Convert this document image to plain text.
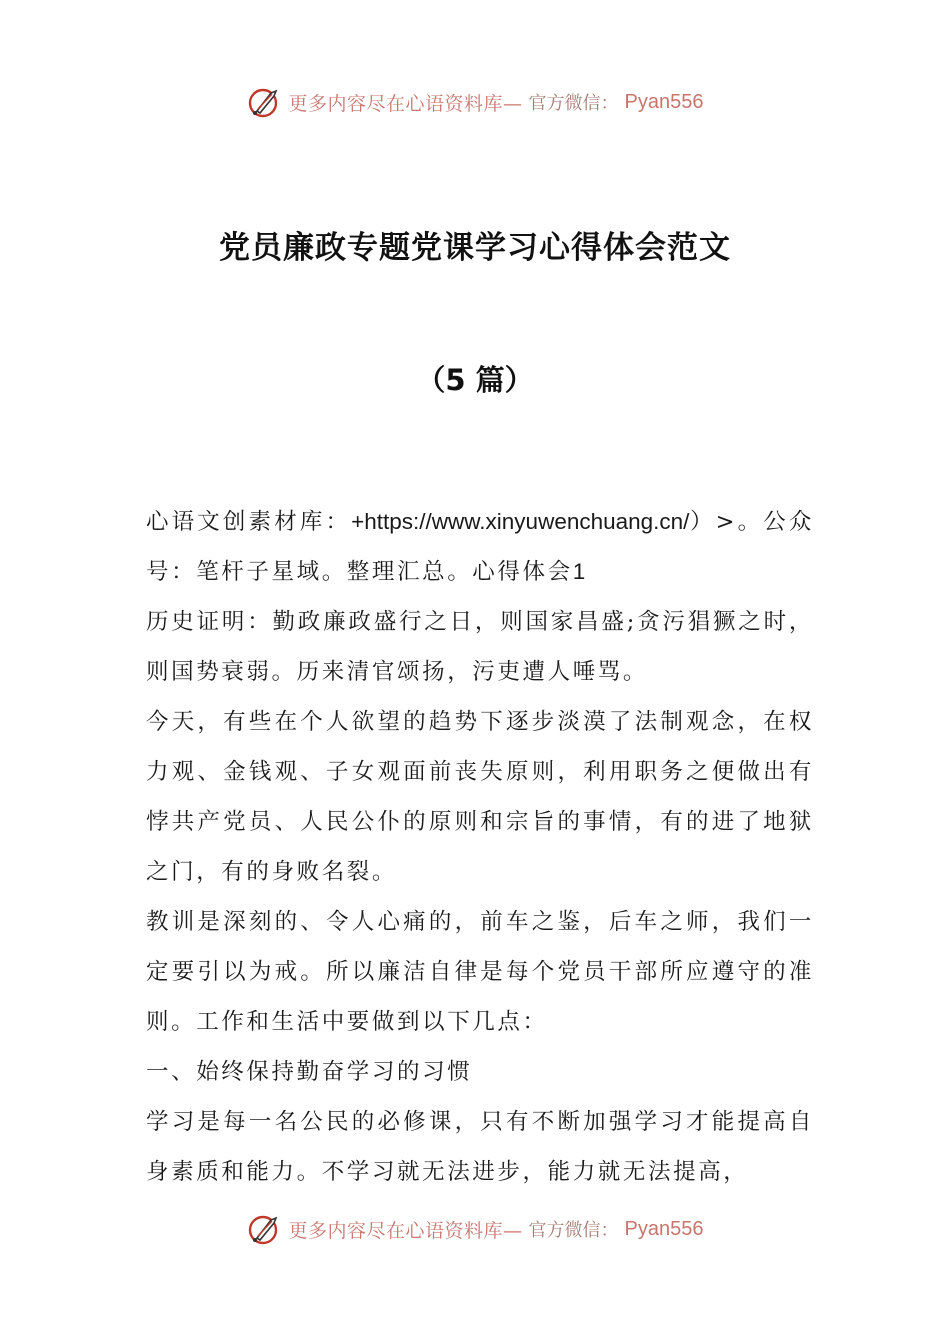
更多内容尽在心语资料库— 官方微信： Pyan556
党员廉政专题党课学习心得体会范文
（5 篇）

心语文创素材库：+https://www.xinyuwenchuang.cn/）>。公众号：笔杆子星域。整理汇总。心得体会1

历史证明：勤政廉政盛行之日，则国家昌盛;贪污猖獗之时，则国势衰弱。历来清官颂扬，污吏遭人唾骂。

今天，有些在个人欲望的趋势下逐步淡漠了法制观念，在权力观、金钱观、子女观面前丧失原则，利用职务之便做出有悖共产党员、人民公仆的原则和宗旨的事情，有的进了地狱之门，有的身败名裂。

教训是深刻的、令人心痛的，前车之鉴，后车之师，我们一定要引以为戒。所以廉洁自律是每个党员干部所应遵守的准则。工作和生活中要做到以下几点：

一、始终保持勤奋学习的习惯

学习是每一名公民的必修课，只有不断加强学习才能提高自身素质和能力。不学习就无法进步，能力就无法提高，

更多内容尽在心语资料库— 官方微信： Pyan556
